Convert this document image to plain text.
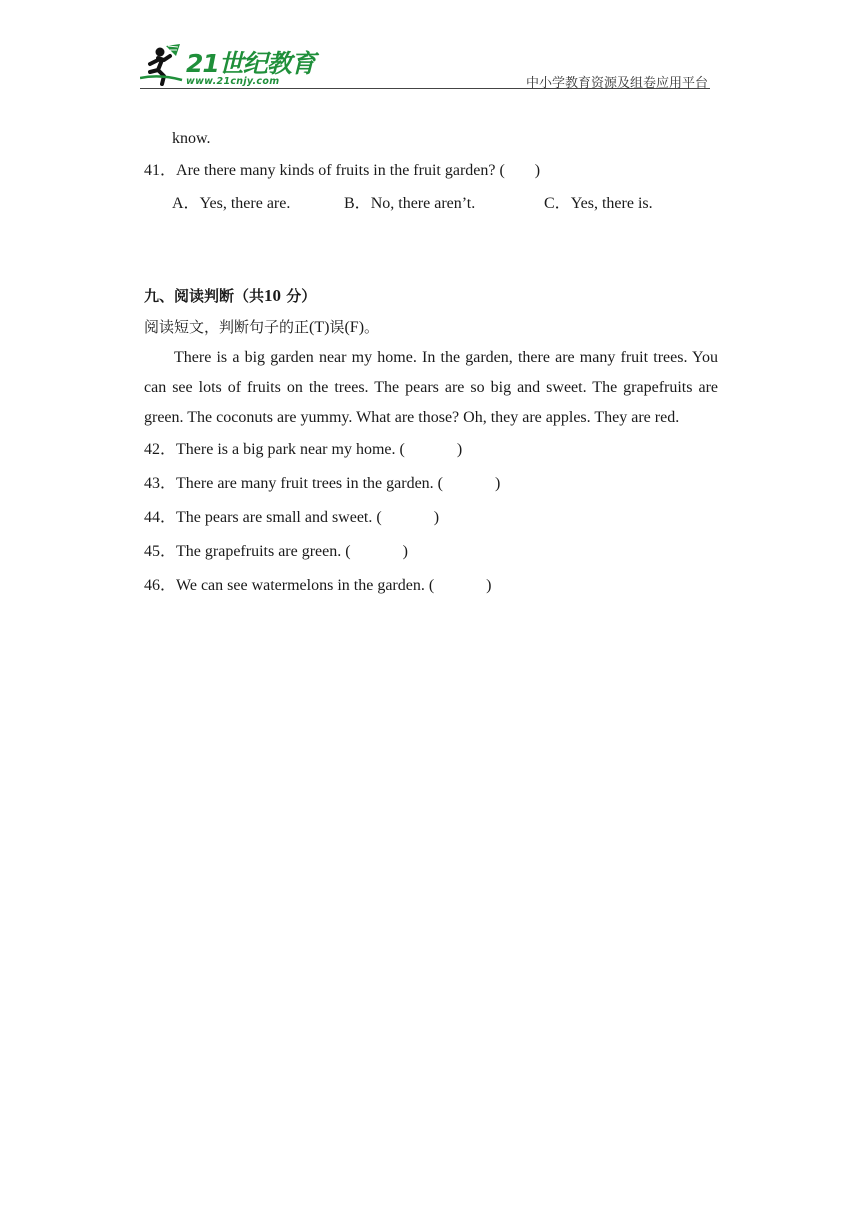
21世纪教育
www.21cnjy.com	中小学教育资源及组卷应用平台
know.
41．Are there many kinds of fruits in the fruit garden? ( )
A．Yes, there are.	B．No, there aren’t.	C．Yes, there is.
九、阅读判断（共10 分）
阅读短文，判断句子的正(T)误(F)。

There is a big garden near my home. In the garden, there are many fruit trees. You can see lots of fruits on the trees. The pears are so big and sweet. The grapefruits are green. The coconuts are yummy. What are those? Oh, they are apples. They are red.

42．There is a big park near my home. (	)
43．There are many fruit trees in the garden. (	)
44．The pears are small and sweet. (	)
45．The grapefruits are green. (	)
46．We can see watermelons in the garden. (	)
